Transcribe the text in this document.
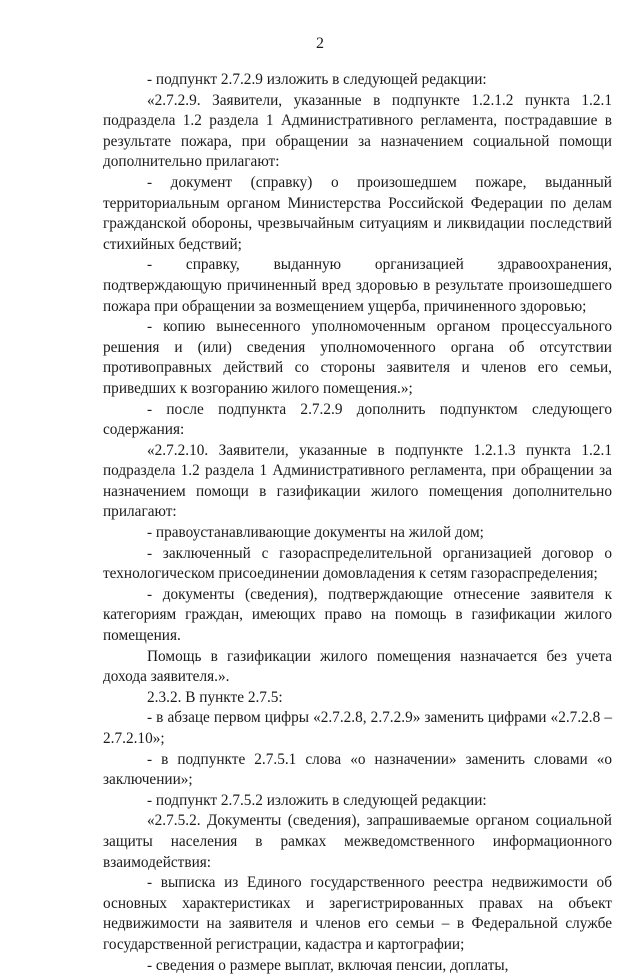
2

- подпункт 2.7.2.9 изложить в следующей редакции:

«2.7.2.9. Заявители, указанные в подпункте 1.2.1.2 пункта 1.2.1 подраздела 1.2 раздела 1 Административного регламента, пострадавшие в результате пожара, при обращении за назначением социальной помощи дополнительно прилагают:

- документ (справку) о произошедшем пожаре, выданный территориальным органом Министерства Российской Федерации по делам гражданской обороны, чрезвычайным ситуациям и ликвидации последствий стихийных бедствий;

- справку, выданную организацией здравоохранения, подтверждающую причиненный вред здоровью в результате произошедшего пожара при обращении за возмещением ущерба, причиненного здоровью;

- копию вынесенного уполномоченным органом процессуального решения и (или) сведения уполномоченного органа об отсутствии противоправных действий со стороны заявителя и членов его семьи, приведших к возгоранию жилого помещения.»;

- после подпункта 2.7.2.9 дополнить подпунктом следующего содержания:

«2.7.2.10. Заявители, указанные в подпункте 1.2.1.3 пункта 1.2.1 подраздела 1.2 раздела 1 Административного регламента, при обращении за назначением помощи в газификации жилого помещения дополнительно прилагают:

- правоустанавливающие документы на жилой дом;

- заключенный с газораспределительной организацией договор о технологическом присоединении домовладения к сетям газораспределения;

- документы (сведения), подтверждающие отнесение заявителя к категориям граждан, имеющих право на помощь в газификации жилого помещения.

Помощь в газификации жилого помещения назначается без учета дохода заявителя.».

2.3.2. В пункте 2.7.5:

- в абзаце первом цифры «2.7.2.8, 2.7.2.9» заменить цифрами «2.7.2.8 – 2.7.2.10»;

- в подпункте 2.7.5.1 слова «о назначении» заменить словами «о заключении»;

- подпункт 2.7.5.2 изложить в следующей редакции:

«2.7.5.2. Документы (сведения), запрашиваемые органом социальной защиты населения в рамках межведомственного информационного взаимодействия:

- выписка из Единого государственного реестра недвижимости об основных характеристиках и зарегистрированных правах на объект недвижимости на заявителя и членов его семьи – в Федеральной службе государственной регистрации, кадастра и картографии;

- сведения о размере выплат, включая пенсии, доплаты,
